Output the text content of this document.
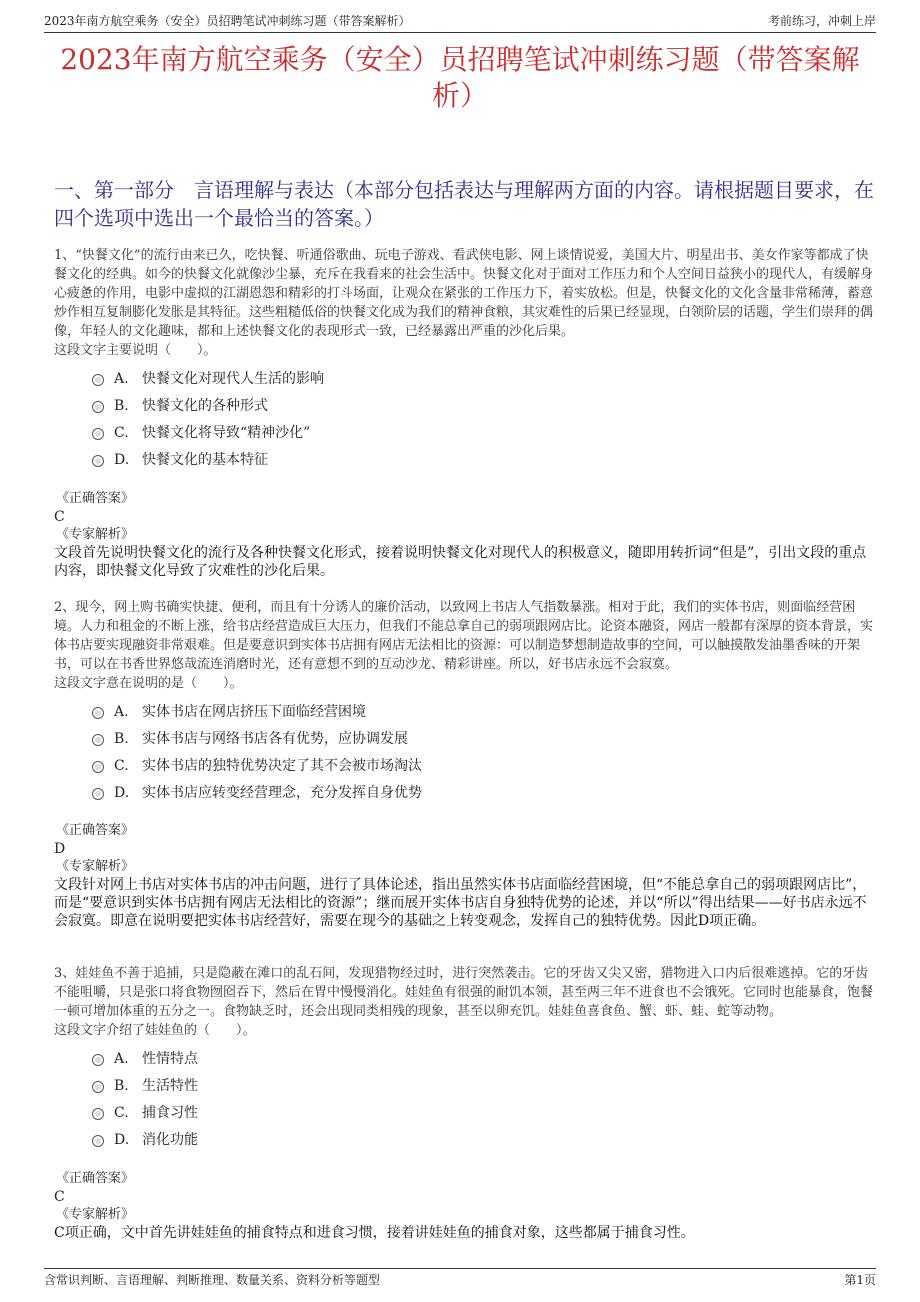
2023年南方航空乘务（安全）员招聘笔试冲刺练习题（带答案解析）	考前练习，冲刺上岸
2023年南方航空乘务（安全）员招聘笔试冲刺练习题（带答案解析）
一、第一部分　言语理解与表达（本部分包括表达与理解两方面的内容。请根据题目要求，在四个选项中选出一个最恰当的答案。）
1、“快餐文化”的流行由来已久，吃快餐、听通俗歌曲、玩电子游戏、看武侠电影、网上谈情说爱，美国大片、明星出书、美女作家等都成了快餐文化的经典。如今的快餐文化就像沙尘暴，充斥在我看来的社会生活中。快餐文化对于面对工作压力和个人空间日益狭小的现代人，有缓解身心疲惫的作用，电影中虚拟的江湖恩怨和精彩的打斗场面，让观众在紧张的工作压力下，着实放松。但是，快餐文化的文化含量非常稀薄，蓄意炒作相互复制膨化发胀是其特征。这些粗糙低俗的快餐文化成为我们的精神食粮，其灾难性的后果已经显现，白领阶层的话题，学生们崇拜的偶像，年轻人的文化趣味，都和上述快餐文化的表现形式一致，已经暴露出严重的沙化后果。
这段文字主要说明（　　）。
A. 快餐文化对现代人生活的影响
B. 快餐文化的各种形式
C. 快餐文化将导致“精神沙化”
D. 快餐文化的基本特征
《正确答案》
C
《专家解析》
文段首先说明快餐文化的流行及各种快餐文化形式，接着说明快餐文化对现代人的积极意义，随即用转折词“但是”，引出文段的重点内容，即快餐文化导致了灾难性的沙化后果。
2、现今，网上购书确实快捷、便利，而且有十分诱人的廉价活动，以致网上书店人气指数暴涨。相对于此，我们的实体书店，则面临经营困境。人力和租金的不断上涨，给书店经营造成巨大压力，但我们不能总拿自己的弱项跟网店比。论资本融资，网店一般都有深厚的资本背景，实体书店要实现融资非常艰难。但是要意识到实体书店拥有网店无法相比的资源：可以制造梦想制造故事的空间，可以触摸散发油墨香味的开架书，可以在书香世界悠哉流连消磨时光，还有意想不到的互动沙龙、精彩讲座。所以，好书店永远不会寂寞。
这段文字意在说明的是（　　）。
A. 实体书店在网店挤压下面临经营困境
B. 实体书店与网络书店各有优势，应协调发展
C. 实体书店的独特优势决定了其不会被市场淘汰
D. 实体书店应转变经营理念，充分发挥自身优势
《正确答案》
D
《专家解析》
文段针对网上书店对实体书店的冲击问题，进行了具体论述，指出虽然实体书店面临经营困境，但“不能总拿自己的弱项跟网店比”，而是“要意识到实体书店拥有网店无法相比的资源”；继而展开实体书店自身独特优势的论述，并以“所以”得出结果——好书店永远不会寂寞。即意在说明要把实体书店经营好，需要在现今的基础之上转变观念，发挥自己的独特优势。因此D项正确。
3、娃娃鱼不善于追捕，只是隐蔽在滩口的乱石间，发现猎物经过时，进行突然袭击。它的牙齿又尖又密，猎物进入口内后很难逃掉。它的牙齿不能咀嚼，只是张口将食物囫囵吞下，然后在胃中慢慢消化。娃娃鱼有很强的耐饥本领，甚至两三年不进食也不会饿死。它同时也能暴食，饱餐一顿可增加体重的五分之一。食物缺乏时，还会出现同类相残的现象，甚至以卵充饥。娃娃鱼喜食鱼、蟹、虾、蛙、蛇等动物。
这段文字介绍了娃娃鱼的（　　）。
A. 性情特点
B. 生活特性
C. 捕食习性
D. 消化功能
《正确答案》
C
《专家解析》
C项正确，文中首先讲娃娃鱼的捕食特点和进食习惯，接着讲娃娃鱼的捕食对象，这些都属于捕食习性。
含常识判断、言语理解、判断推理、数量关系、资料分析等题型	第1页
